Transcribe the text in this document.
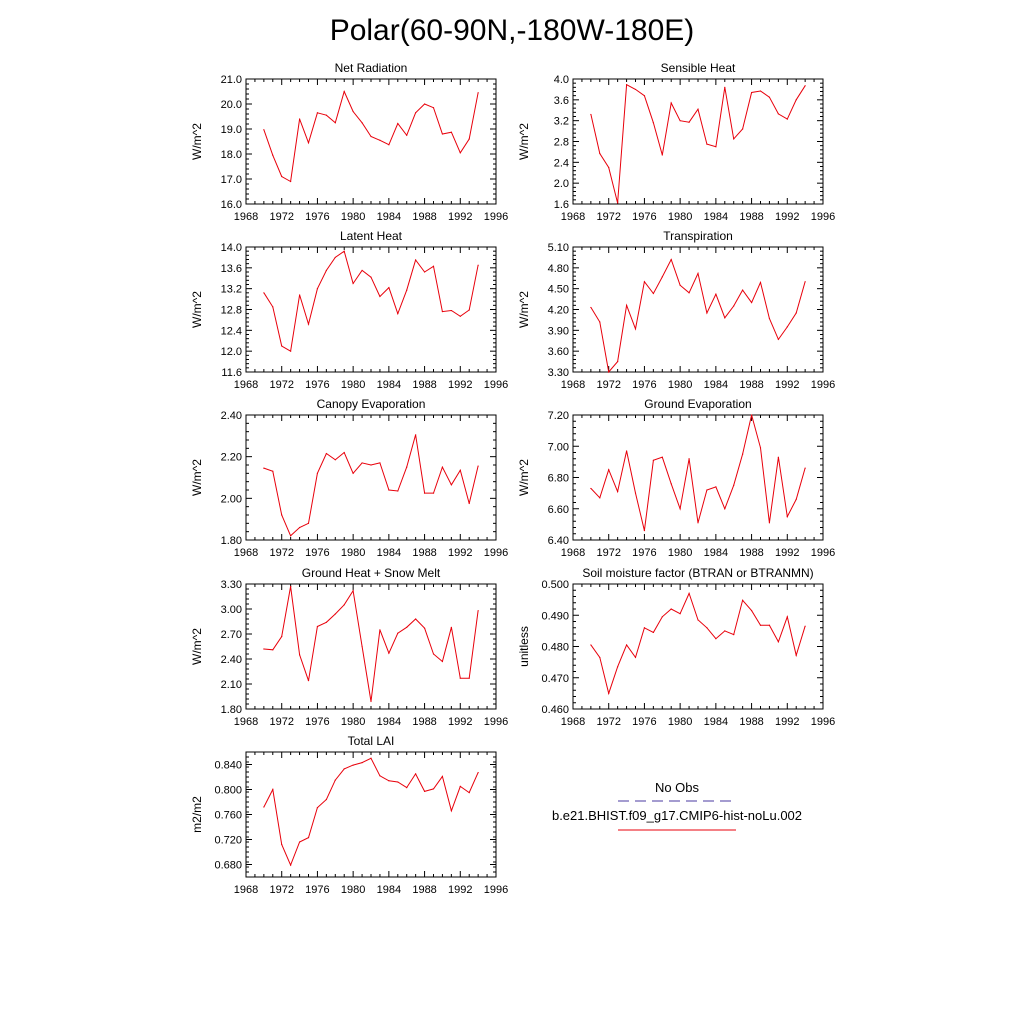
Polar(60-90N,-180W-180E)
Net Radiation
1968 1972 1976 1980 1984 1988 1992 1996
16.0
17.0
18.0
19.0
20.0
21.0
W/m^2
Sensible Heat
1968 1972 1976 1980 1984 1988 1992 1996
1.6
2.0
2.4
2.8
3.2
3.6
4.0
W/m^2
Latent Heat
1968 1972 1976 1980 1984 1988 1992 1996
11.6
12.0
12.4
12.8
13.2
13.6
14.0
W/m^2
Transpiration
1968 1972 1976 1980 1984 1988 1992 1996
3.30
3.60
3.90
4.20
4.50
4.80
5.10
W/m^2
Canopy Evaporation
1968 1972 1976 1980 1984 1988 1992 1996
1.80
2.00
2.20
2.40
W/m^2
Ground Evaporation
1968 1972 1976 1980 1984 1988 1992 1996
6.40
6.60
6.80
7.00
7.20
W/m^2
Ground Heat + Snow Melt
1968 1972 1976 1980 1984 1988 1992 1996
1.80
2.10
2.40
2.70
3.00
3.30
W/m^2
Soil moisture factor (BTRAN or BTRANMN)
1968 1972 1976 1980 1984 1988 1992 1996
0.460
0.470
0.480
0.490
0.500
unitless
Total LAI
1968 1972 1976 1980 1984 1988 1992 1996
0.680
0.720
0.760
0.800
0.840
m2/m2
No Obs
b.e21.BHIST.f09_g17.CMIP6-hist-noLu.002
